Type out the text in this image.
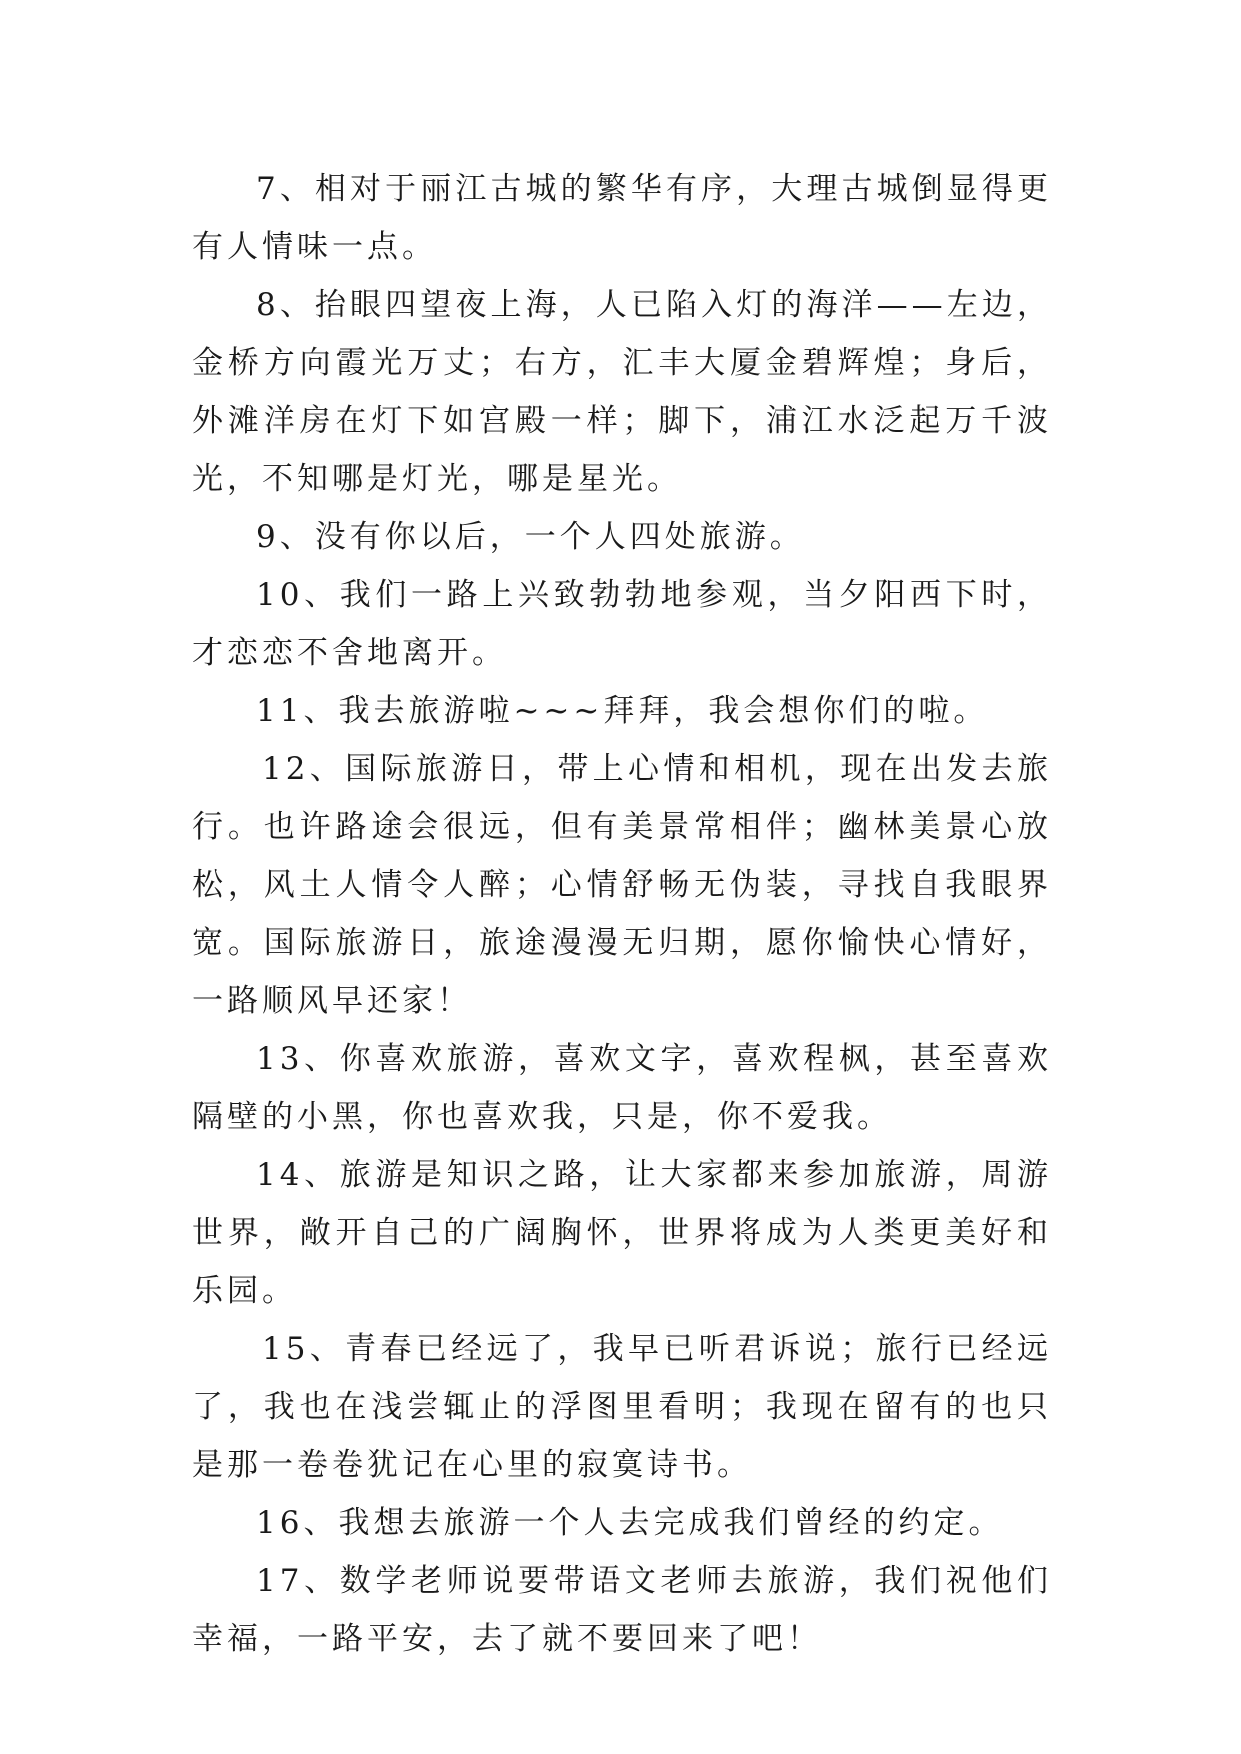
7、相对于丽江古城的繁华有序，大理古城倒显得更有人情味一点。

8、抬眼四望夜上海，人已陷入灯的海洋——左边，金桥方向霞光万丈；右方，汇丰大厦金碧辉煌；身后，外滩洋房在灯下如宫殿一样；脚下，浦江水泛起万千波光，不知哪是灯光，哪是星光。

9、没有你以后，一个人四处旅游。

10、我们一路上兴致勃勃地参观，当夕阳西下时，才恋恋不舍地离开。

11、我去旅游啦~~~拜拜，我会想你们的啦。

12、国际旅游日，带上心情和相机，现在出发去旅行。也许路途会很远，但有美景常相伴；幽林美景心放松，风土人情令人醉；心情舒畅无伪装，寻找自我眼界宽。国际旅游日，旅途漫漫无归期，愿你愉快心情好，一路顺风早还家！

13、你喜欢旅游，喜欢文字，喜欢程枫，甚至喜欢隔壁的小黑，你也喜欢我，只是，你不爱我。

14、旅游是知识之路，让大家都来参加旅游，周游世界，敞开自己的广阔胸怀，世界将成为人类更美好和乐园。

15、青春已经远了，我早已听君诉说；旅行已经远了，我也在浅尝辄止的浮图里看明；我现在留有的也只是那一卷卷犹记在心里的寂寞诗书。

16、我想去旅游一个人去完成我们曾经的约定。

17、数学老师说要带语文老师去旅游，我们祝他们幸福，一路平安，去了就不要回来了吧！
